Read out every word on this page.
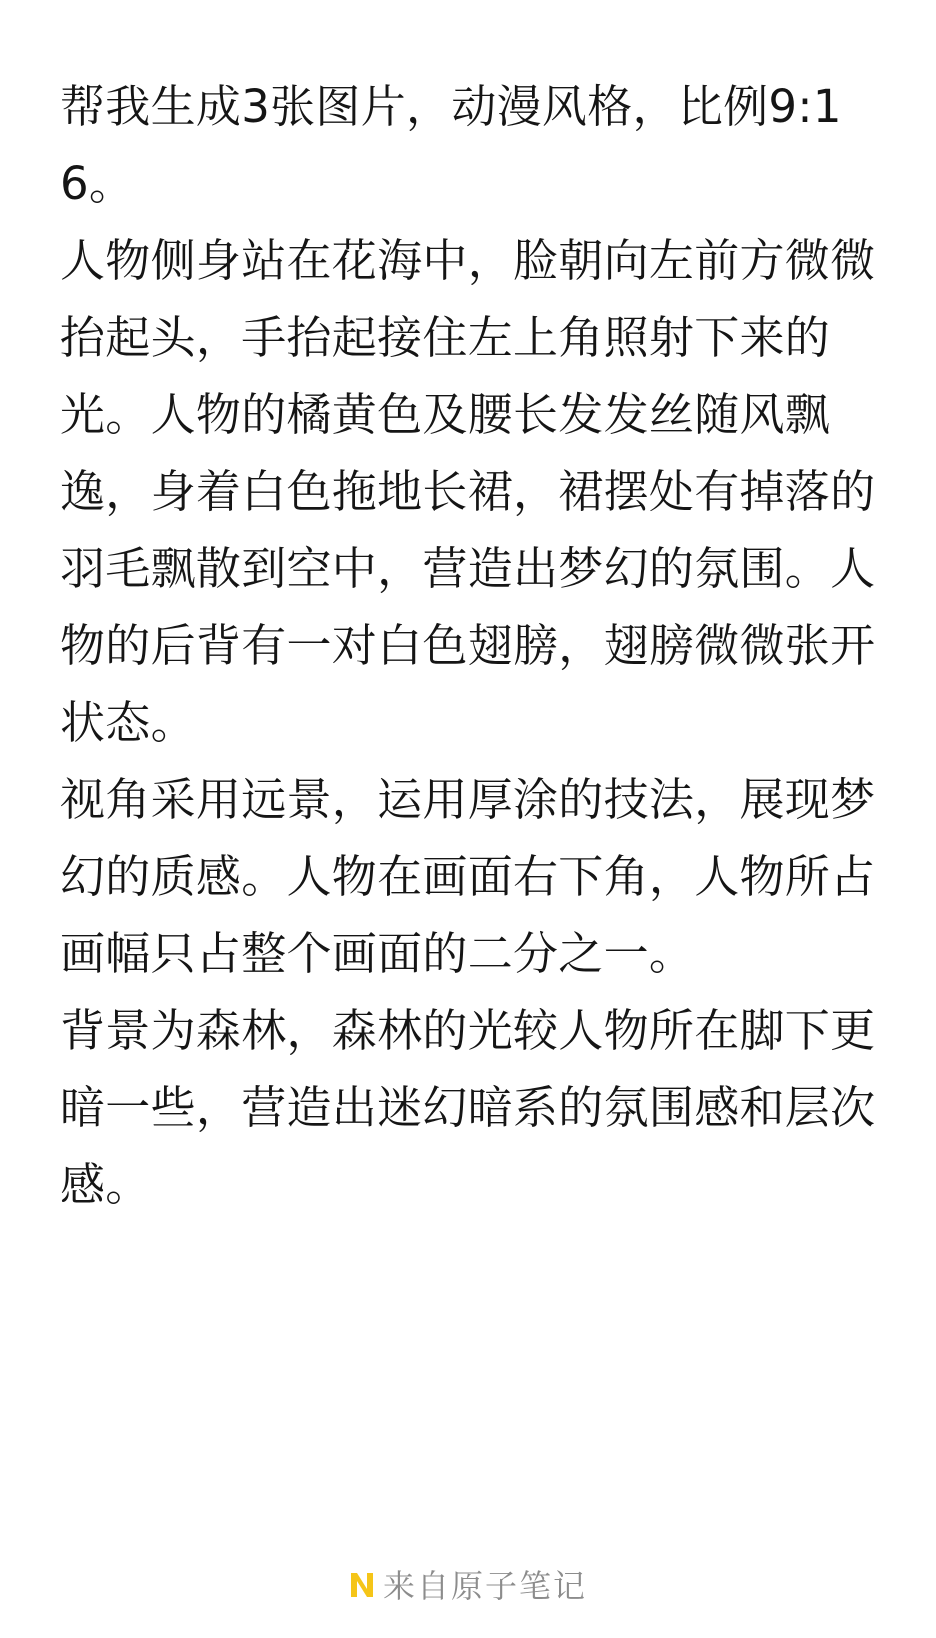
帮我生成3张图片，动漫风格，比例9:16。

人物侧身站在花海中，脸朝向左前方微微抬起头，手抬起接住左上角照射下来的光。人物的橘黄色及腰长发发丝随风飘逸，身着白色拖地长裙，裙摆处有掉落的羽毛飘散到空中，营造出梦幻的氛围。人物的后背有一对白色翅膀，翅膀微微张开状态。

视角采用远景，运用厚涂的技法，展现梦幻的质感。人物在画面右下角，人物所占画幅只占整个画面的二分之一。

背景为森林，森林的光较人物所在脚下更暗一些，营造出迷幻暗系的氛围感和层次感。

来自原子笔记
